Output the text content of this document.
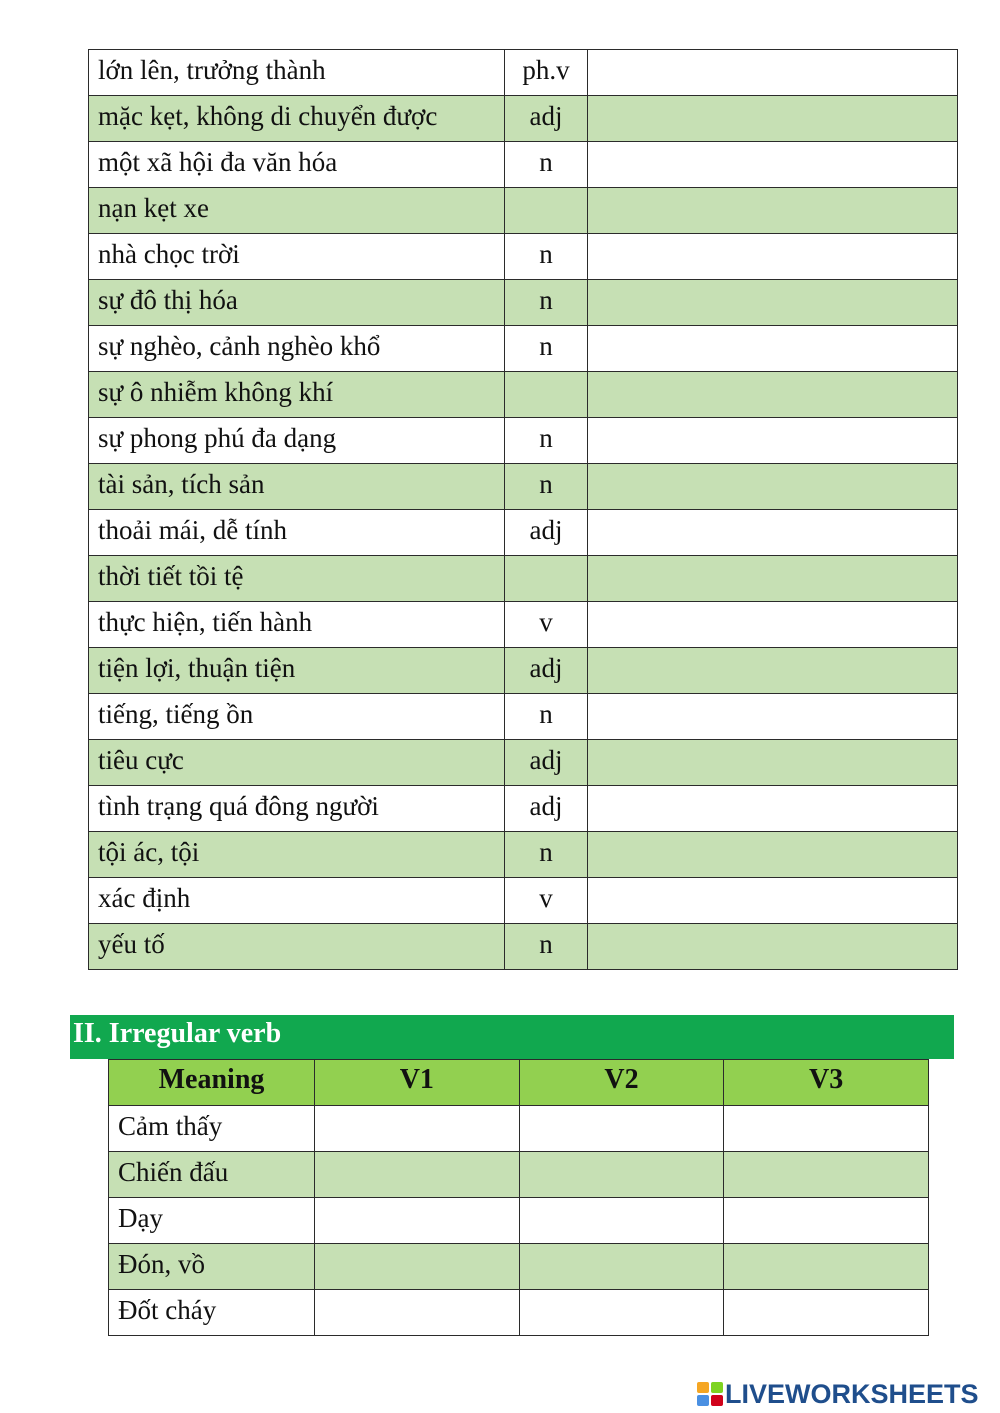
lớn lên, trưởng thành	ph.v	
mặc kẹt, không di chuyển được	adj	
một xã hội đa văn hóa	n	
nạn kẹt xe		
nhà chọc trời	n	
sự đô thị hóa	n	
sự nghèo, cảnh nghèo khổ	n	
sự ô nhiễm không khí		
sự phong phú đa dạng	n	
tài sản, tích sản	n	
thoải mái, dễ tính	adj	
thời tiết tồi tệ		
thực hiện, tiến hành	v	
tiện lợi, thuận tiện	adj	
tiếng, tiếng ồn	n	
tiêu cực	adj	
tình trạng quá đông người	adj	
tội ác, tội	n	
xác định	v	
yếu tố	n	
II. Irregular verb
Meaning	V1	V2	V3
Cảm thấy			
Chiến đấu			
Dạy			
Đón, vồ			
Đốt cháy			
LIVEWORKSHEETS
